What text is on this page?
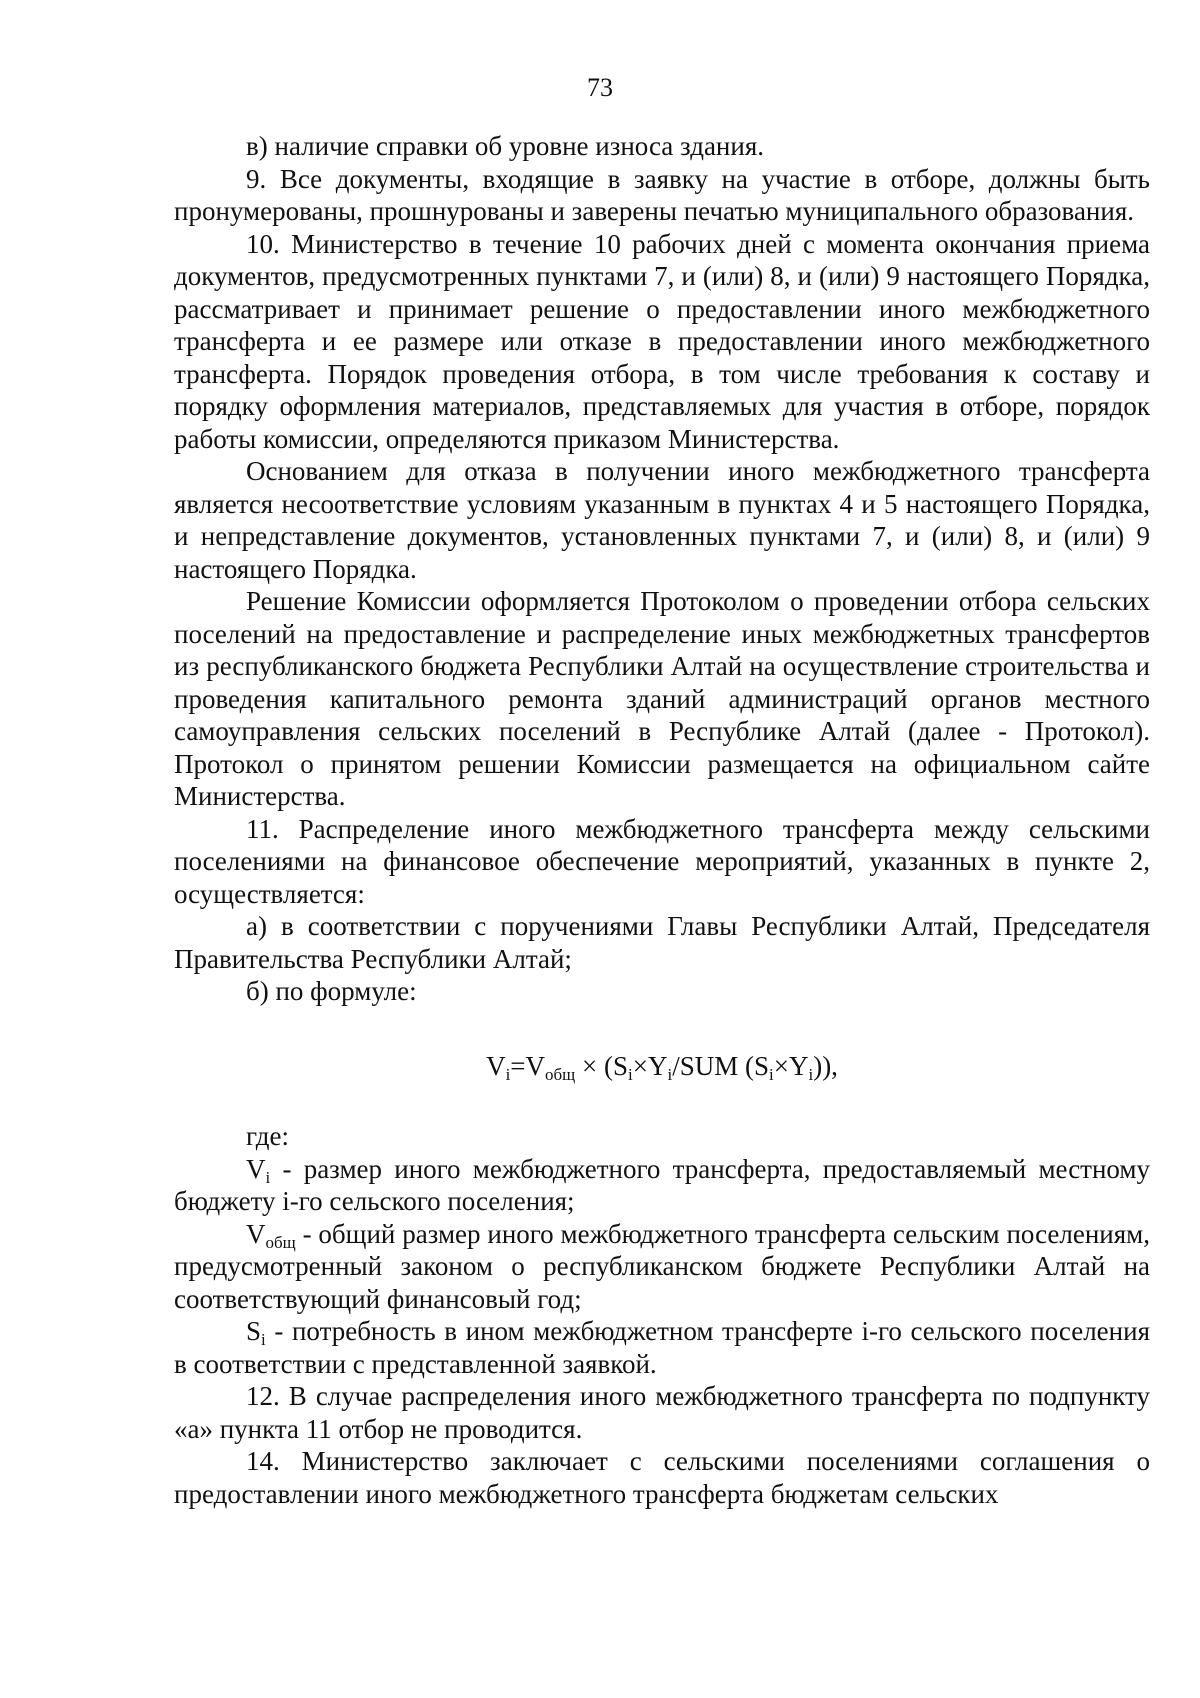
73

в) наличие справки об уровне износа здания.

9. Все документы, входящие в заявку на участие в отборе, должны быть пронумерованы, прошнурованы и заверены печатью муниципального образования.

10. Министерство в течение 10 рабочих дней с момента окончания приема документов, предусмотренных пунктами 7, и (или) 8, и (или) 9 настоящего Порядка, рассматривает и принимает решение о предоставлении иного межбюджетного трансферта и ее размере или отказе в предоставлении иного межбюджетного трансферта. Порядок проведения отбора, в том числе требования к составу и порядку оформления материалов, представляемых для участия в отборе, порядок работы комиссии, определяются приказом Министерства.

Основанием для отказа в получении иного межбюджетного трансферта является несоответствие условиям указанным в пунктах 4 и 5 настоящего Порядка, и непредставление документов, установленных пунктами 7, и (или) 8, и (или) 9 настоящего Порядка.

Решение Комиссии оформляется Протоколом о проведении отбора сельских поселений на предоставление и распределение иных межбюджетных трансфертов из республиканского бюджета Республики Алтай на осуществление строительства и проведения капитального ремонта зданий администраций органов местного самоуправления сельских поселений в Республике Алтай (далее - Протокол). Протокол о принятом решении Комиссии размещается на официальном сайте Министерства.

11. Распределение иного межбюджетного трансферта между сельскими поселениями на финансовое обеспечение мероприятий, указанных в пункте 2, осуществляется:

а) в соответствии с поручениями Главы Республики Алтай, Председателя Правительства Республики Алтай;

б) по формуле:

$V_i=V_{общ} \times (S_i\times Y_i/SUM$ $(S_i\times Y_i)$),

где:

$V_i$ - размер иного межбюджетного трансферта, предоставляемый местному бюджету i-го сельского поселения;

$V_{общ}$ - общий размер иного межбюджетного трансферта сельским поселениям, предусмотренный законом о республиканском бюджете Республики Алтай на соответствующий финансовый год;

$S_i$ - потребность в ином межбюджетном трансферте i-го сельского поселения в соответствии с представленной заявкой.

12. В случае распределения иного межбюджетного трансферта по подпункту «а» пункта 11 отбор не проводится.

14. Министерство заключает с сельскими поселениями соглашения о предоставлении иного межбюджетного трансферта бюджетам сельских
